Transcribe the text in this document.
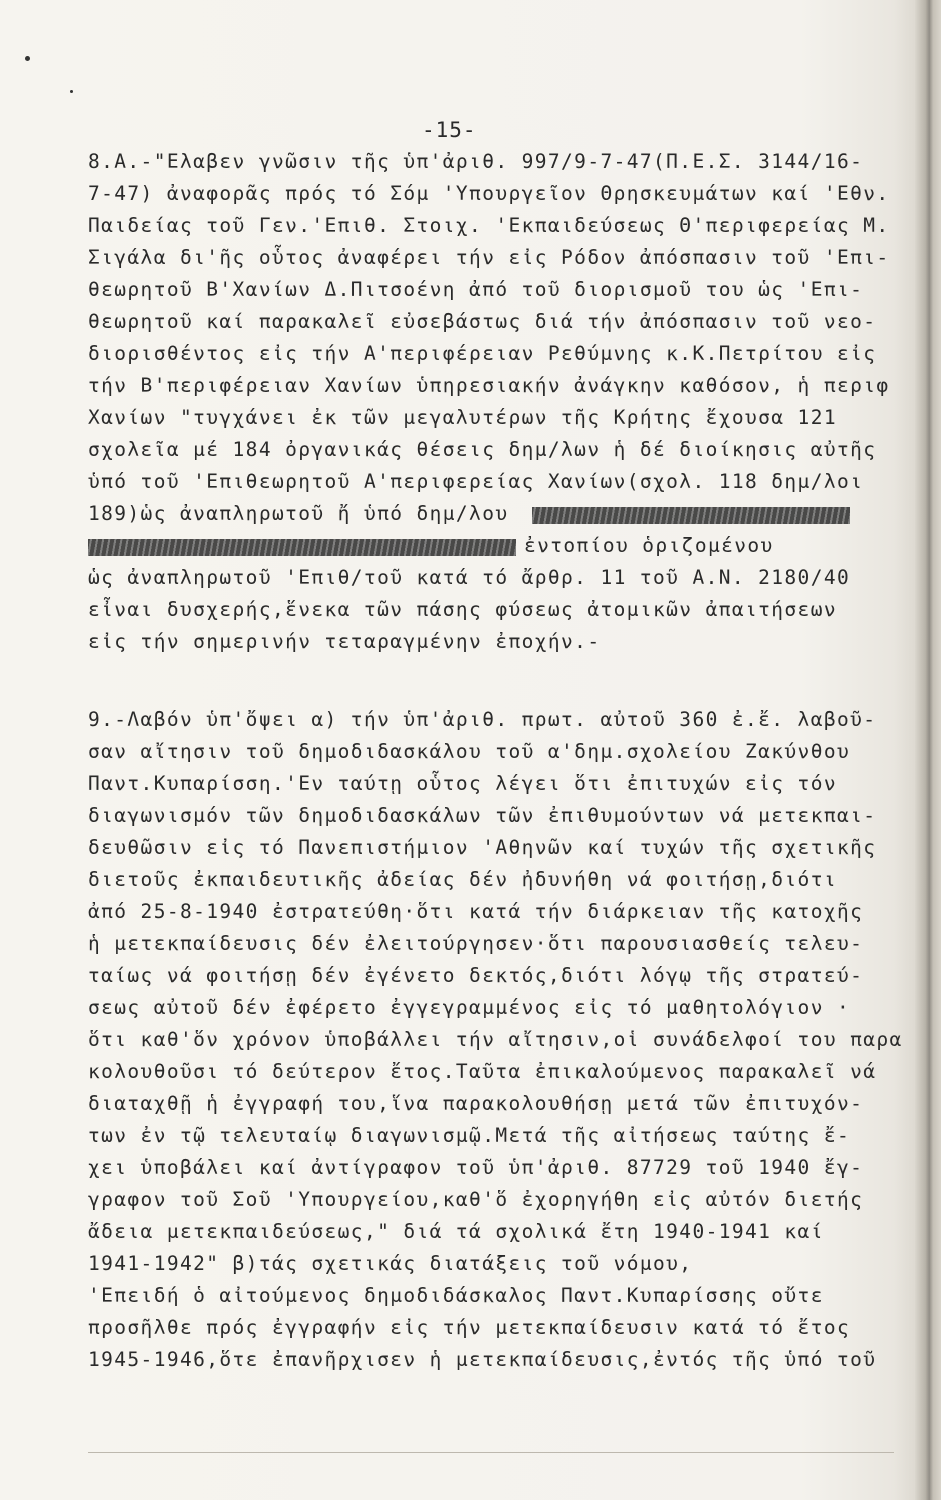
-15-
8.Α.-"Ελαβεν γνῶσιν τῆς ὑπ'ἀριθ. 997/9-7-47(Π.Ε.Σ. 3144/16-
7-47) ἀναφορᾶς πρός τό Σόμ 'Υπουργεῖον Θρησκευμάτων καί 'Εθν.
Παιδείας τοῦ Γεν.'Επιθ. Στοιχ. 'Εκπαιδεύσεως Θ'περιφερείας Μ.
Σιγάλα δι'ῆς οὗτος ἀναφέρει τήν εἰς Ρόδον ἀπόσπασιν τοῦ 'Επι-
θεωρητοῦ Β'Χανίων Δ.Πιτσοένη ἀπό τοῦ διορισμοῦ του ὡς 'Επι-
θεωρητοῦ καί παρακαλεῖ εὐσεβάστως διά τήν ἀπόσπασιν τοῦ νεο-
διορισθέντος εἰς τήν Α'περιφέρειαν Ρεθύμνης κ.Κ.Πετρίτου εἰς
τήν Β'περιφέρειαν Χανίων ὑπηρεσιακήν ἀνάγκην καθόσον, ἡ περιφ
Χανίων "τυγχάνει ἐκ τῶν μεγαλυτέρων τῆς Κρήτης ἔχουσα 121
σχολεῖα μέ 184 ὀργανικάς θέσεις δημ/λων ἡ δέ διοίκησις αὐτῆς
ὑπό τοῦ 'Επιθεωρητοῦ Α'περιφερείας Χανίων(σχολ. 118 δημ/λοι
189)ὡς ἀναπληρωτοῦ ἤ ὑπό δημ/λου
ἐντοπίου ὁριζομένου
ὡς ἀναπληρωτοῦ 'Επιθ/τοῦ κατά τό ἄρθρ. 11 τοῦ Α.Ν. 2180/40
εἶναι δυσχερής,ἕνεκα τῶν πάσης φύσεως ἀτομικῶν ἀπαιτήσεων
εἰς τήν σημερινήν τεταραγμένην ἐποχήν.-
9.-Λαβόν ὑπ'ὄψει α) τήν ὑπ'ἀριθ. πρωτ. αὐτοῦ 360 ἐ.ἔ. λαβοῦ-
σαν αἴτησιν τοῦ δημοδιδασκάλου τοῦ α'δημ.σχολείου Ζακύνθου
Παντ.Κυπαρίσση.'Εν ταύτῃ οὗτος λέγει ὅτι ἐπιτυχών εἰς τόν
διαγωνισμόν τῶν δημοδιδασκάλων τῶν ἐπιθυμούντων νά μετεκπαι-
δευθῶσιν εἰς τό Πανεπιστήμιον 'Αθηνῶν καί τυχών τῆς σχετικῆς
διετοῦς ἐκπαιδευτικῆς ἀδείας δέν ἠδυνήθη νά φοιτήσῃ,διότι
ἀπό 25-8-1940 ἐστρατεύθη·ὅτι κατά τήν διάρκειαν τῆς κατοχῆς
ἡ μετεκπαίδευσις δέν ἐλειτούργησεν·ὅτι παρουσιασθείς τελευ-
ταίως νά φοιτήσῃ δέν ἐγένετο δεκτός,διότι λόγῳ τῆς στρατεύ-
σεως αὐτοῦ δέν ἐφέρετο ἐγγεγραμμένος εἰς τό μαθητολόγιον ·
ὅτι καθ'ὅν χρόνον ὑποβάλλει τήν αἴτησιν,οἱ συνάδελφοί του παρα
κολουθοῦσι τό δεύτερον ἔτος.Ταῦτα ἐπικαλούμενος παρακαλεῖ νά
διαταχθῇ ἡ ἐγγραφή του,ἵνα παρακολουθήσῃ μετά τῶν ἐπιτυχόν-
των ἐν τῷ τελευταίῳ διαγωνισμῷ.Μετά τῆς αἰτήσεως ταύτης ἔ-
χει ὑποβάλει καί ἀντίγραφον τοῦ ὑπ'ἀριθ. 87729 τοῦ 1940 ἔγ-
γραφον τοῦ Σοῦ 'Υπουργείου,καθ'ὅ ἐχορηγήθη εἰς αὐτόν διετής
ἄδεια μετεκπαιδεύσεως," διά τά σχολικά ἔτη 1940-1941 καί
1941-1942" β)τάς σχετικάς διατάξεις τοῦ νόμου,
'Επειδή ὁ αἰτούμενος δημοδιδάσκαλος Παντ.Κυπαρίσσης οὔτε
προσῆλθε πρός ἐγγραφήν εἰς τήν μετεκπαίδευσιν κατά τό ἔτος
1945-1946,ὅτε ἐπανῆρχισεν ἡ μετεκπαίδευσις,ἐντός τῆς ὑπό τοῦ
